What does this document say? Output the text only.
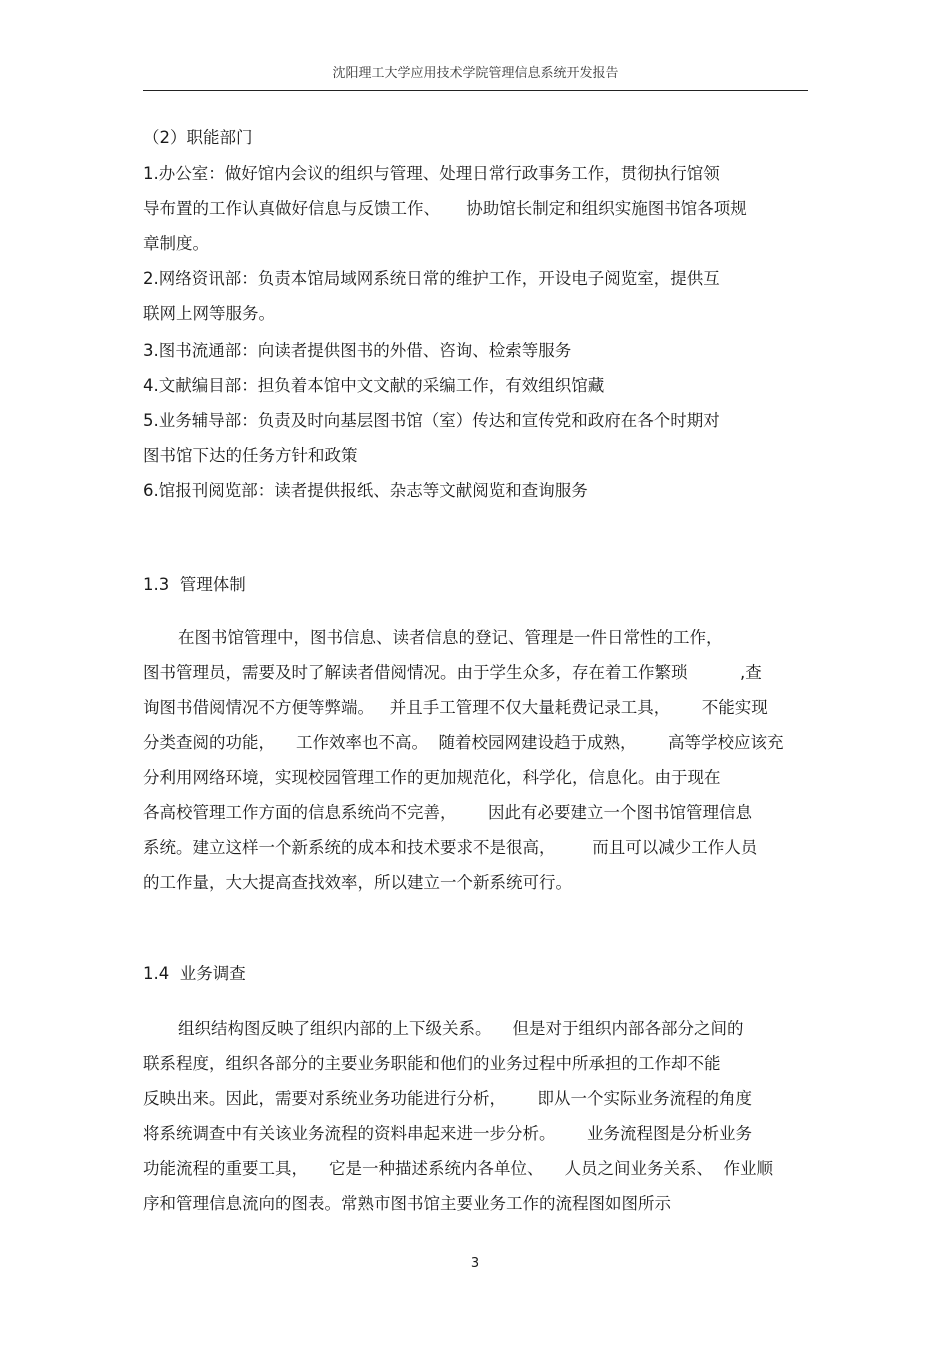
沈阳理工大学应用技术学院管理信息系统开发报告
（2）职能部门
1.办公室：做好馆内会议的组织与管理、处理日常行政事务工作，贯彻执行馆领
导布置的工作认真做好信息与反馈工作、     协助馆长制定和组织实施图书馆各项规
章制度。
2.网络资讯部：负责本馆局域网系统日常的维护工作，开设电子阅览室，提供互
联网上网等服务。
3.图书流通部：向读者提供图书的外借、咨询、检索等服务
4.文献编目部：担负着本馆中文文献的采编工作，有效组织馆藏
5.业务辅导部：负责及时向基层图书馆（室）传达和宣传党和政府在各个时期对
图书馆下达的任务方针和政策
6.馆报刊阅览部：读者提供报纸、杂志等文献阅览和查询服务
1.3  管理体制
在图书馆管理中，图书信息、读者信息的登记、管理是一件日常性的工作，
图书管理员，需要及时了解读者借阅情况。由于学生众多，存在着工作繁琐          ,查
询图书借阅情况不方便等弊端。   并且手工管理不仅大量耗费记录工具，      不能实现
分类查阅的功能，    工作效率也不高。  随着校园网建设趋于成熟，      高等学校应该充
分利用网络环境，实现校园管理工作的更加规范化，科学化，信息化。由于现在
各高校管理工作方面的信息系统尚不完善，      因此有必要建立一个图书馆管理信息
系统。建立这样一个新系统的成本和技术要求不是很高，       而且可以减少工作人员
的工作量，大大提高查找效率，所以建立一个新系统可行。
1.4  业务调查
组织结构图反映了组织内部的上下级关系。    但是对于组织内部各部分之间的
联系程度，组织各部分的主要业务职能和他们的业务过程中所承担的工作却不能
反映出来。因此，需要对系统业务功能进行分析，      即从一个实际业务流程的角度
将系统调查中有关该业务流程的资料串起来进一步分析。      业务流程图是分析业务
功能流程的重要工具，    它是一种描述系统内各单位、    人员之间业务关系、  作业顺
序和管理信息流向的图表。常熟市图书馆主要业务工作的流程图如图所示
3
